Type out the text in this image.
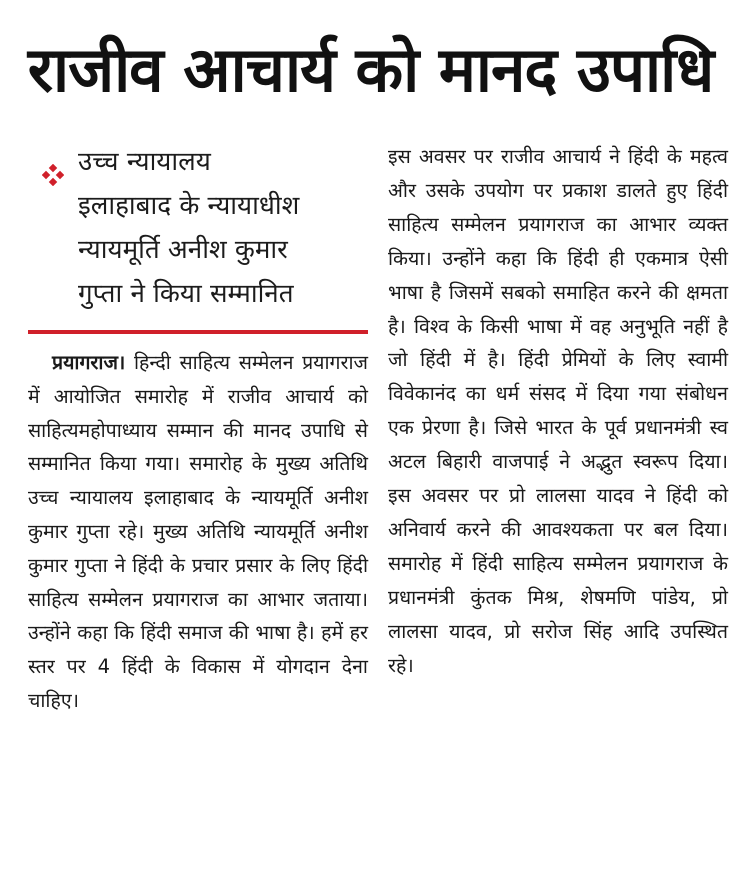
राजीव आचार्य को मानद उपाधि
उच्च न्यायालय
इलाहाबाद के न्यायाधीश
न्यायमूर्ति अनीश कुमार
गुप्ता ने किया सम्मानित

प्रयागराज। हिन्दी साहित्य सम्मेलन प्रयागराज में आयोजित समारोह में राजीव आचार्य को साहित्यमहोपाध्याय सम्मान की मानद उपाधि से सम्मानित किया गया। समारोह के मुख्य अतिथि उच्च न्यायालय इलाहाबाद के न्यायमूर्ति अनीश कुमार गुप्ता रहे। मुख्य अतिथि न्यायमूर्ति अनीश कुमार गुप्ता ने हिंदी के प्रचार प्रसार के लिए हिंदी साहित्य सम्मेलन प्रयागराज का आभार जताया। उन्होंने कहा कि हिंदी समाज की भाषा है। हमें हर स्तर पर 4 हिंदी के विकास में योगदान देना चाहिए।

इस अवसर पर राजीव आचार्य ने हिंदी के महत्व और उसके उपयोग पर प्रकाश डालते हुए हिंदी साहित्य सम्मेलन प्रयागराज का आभार व्यक्त किया। उन्होंने कहा कि हिंदी ही एकमात्र ऐसी भाषा है जिसमें सबको समाहित करने की क्षमता है। विश्व के किसी भाषा में वह अनुभूति नहीं है जो हिंदी में है। हिंदी प्रेमियों के लिए स्वामी विवेकानंद का धर्म संसद में दिया गया संबोधन एक प्रेरणा है। जिसे भारत के पूर्व प्रधानमंत्री स्व अटल बिहारी वाजपाई ने अद्भुत स्वरूप दिया। इस अवसर पर प्रो लालसा यादव ने हिंदी को अनिवार्य करने की आवश्यकता पर बल दिया। समारोह में हिंदी साहित्य सम्मेलन प्रयागराज के प्रधानमंत्री कुंतक मिश्र, शेषमणि पांडेय, प्रो लालसा यादव, प्रो सरोज सिंह आदि उपस्थित रहे।
